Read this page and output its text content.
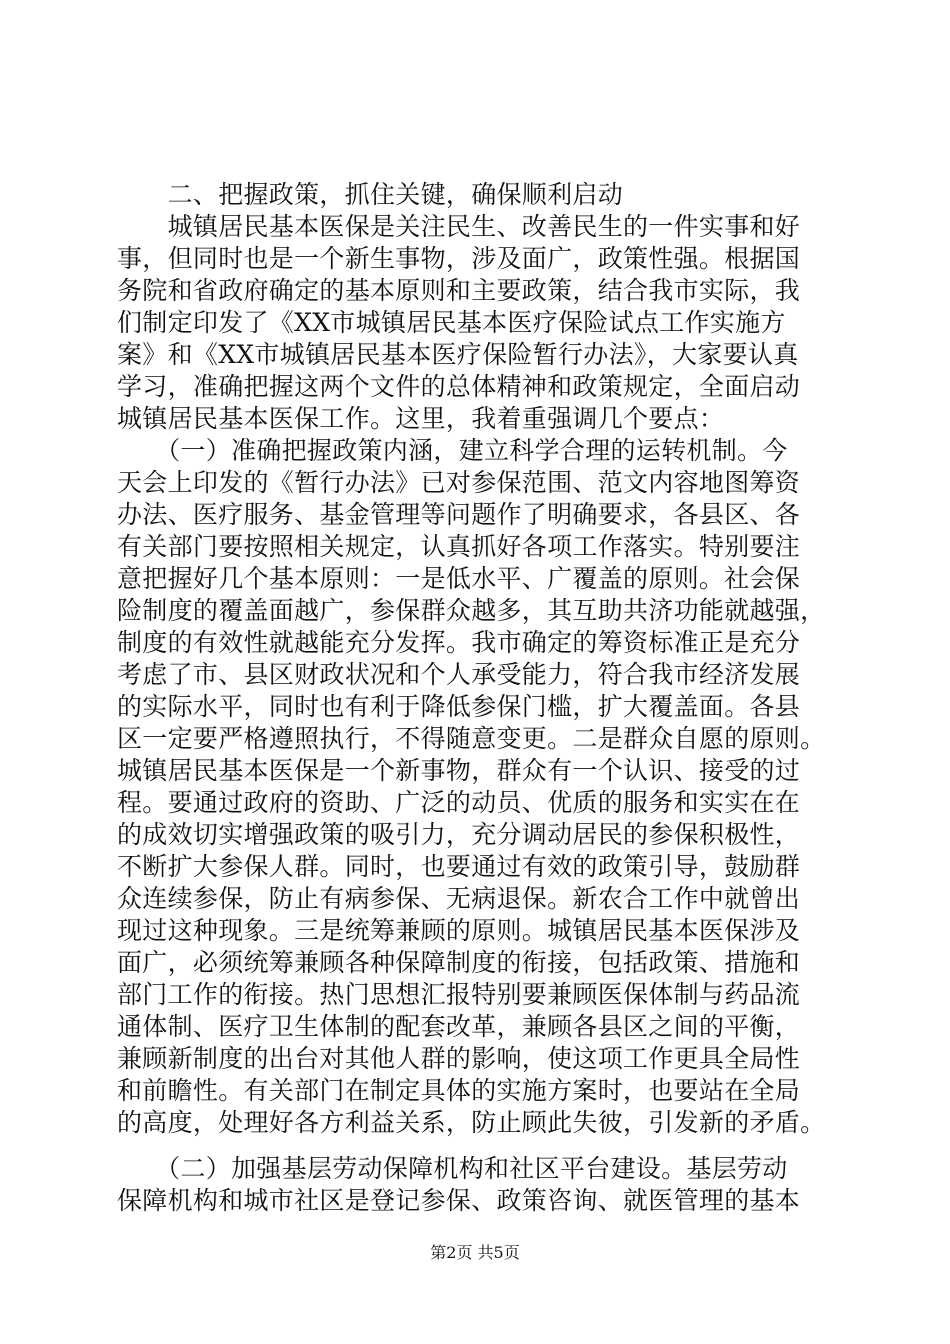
　　二、把握政策，抓住关键，确保顺利启动
　　城镇居民基本医保是关注民生、改善民生的一件实事和好
事，但同时也是一个新生事物，涉及面广，政策性强。根据国
务院和省政府确定的基本原则和主要政策，结合我市实际，我
们制定印发了《XX市城镇居民基本医疗保险试点工作实施方
案》和《XX市城镇居民基本医疗保险暂行办法》，大家要认真
学习，准确把握这两个文件的总体精神和政策规定，全面启动
城镇居民基本医保工作。这里，我着重强调几个要点：
　　（一）准确把握政策内涵，建立科学合理的运转机制。今
天会上印发的《暂行办法》已对参保范围、范文内容地图筹资
办法、医疗服务、基金管理等问题作了明确要求，各县区、各
有关部门要按照相关规定，认真抓好各项工作落实。特别要注
意把握好几个基本原则：一是低水平、广覆盖的原则。社会保
险制度的覆盖面越广，参保群众越多，其互助共济功能就越强，
制度的有效性就越能充分发挥。我市确定的筹资标准正是充分
考虑了市、县区财政状况和个人承受能力，符合我市经济发展
的实际水平，同时也有利于降低参保门槛，扩大覆盖面。各县
区一定要严格遵照执行，不得随意变更。二是群众自愿的原则。
城镇居民基本医保是一个新事物，群众有一个认识、接受的过
程。要通过政府的资助、广泛的动员、优质的服务和实实在在
的成效切实增强政策的吸引力，充分调动居民的参保积极性，
不断扩大参保人群。同时，也要通过有效的政策引导，鼓励群
众连续参保，防止有病参保、无病退保。新农合工作中就曾出
现过这种现象。三是统筹兼顾的原则。城镇居民基本医保涉及
面广，必须统筹兼顾各种保障制度的衔接，包括政策、措施和
部门工作的衔接。热门思想汇报特别要兼顾医保体制与药品流
通体制、医疗卫生体制的配套改革，兼顾各县区之间的平衡，
兼顾新制度的出台对其他人群的影响，使这项工作更具全局性
和前瞻性。有关部门在制定具体的实施方案时，也要站在全局
的高度，处理好各方利益关系，防止顾此失彼，引发新的矛盾。
　　（二）加强基层劳动保障机构和社区平台建设。基层劳动
保障机构和城市社区是登记参保、政策咨询、就医管理的基本
第2页 共5页
